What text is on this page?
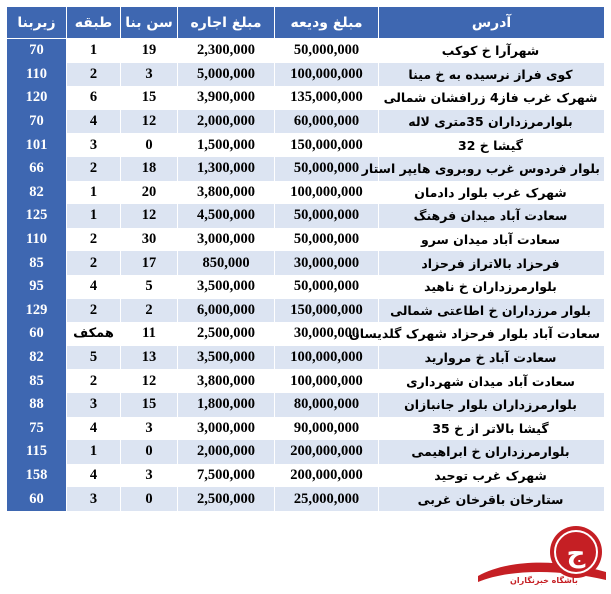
آدرس	مبلغ ودیعه	مبلغ اجاره	سن بنا	طبقه	زیربنا
شهرآرا خ کوکب	50,000,000	2,300,000	19	1	70
کوی فراز نرسیده به خ مینا	100,000,000	5,000,000	3	2	110
شهرک غرب فاز4 زرافشان شمالی	135,000,000	3,900,000	15	6	120
بلوارمرزداران 35متری لاله	60,000,000	2,000,000	12	4	70
گیشا خ 32	150,000,000	1,500,000	0	3	101
بلوار فردوس غرب روبروی هایپر استار	50,000,000	1,300,000	18	2	66
شهرک غرب بلوار دادمان	100,000,000	3,800,000	20	1	82
سعادت آباد میدان فرهنگ	50,000,000	4,500,000	12	1	125
سعادت آباد میدان سرو	50,000,000	3,000,000	30	2	110
فرحزاد بالاتراز فرحزاد	30,000,000	850,000	17	2	85
بلوارمرزداران خ ناهید	50,000,000	3,500,000	5	4	95
بلوار مرزداران خ اطاعتی شمالی	150,000,000	6,000,000	2	2	129
سعادت آباد بلوار فرحزاد شهرک گلدیسان	30,000,000	2,500,000	11	همکف	60
سعادت آباد خ مروارید	100,000,000	3,500,000	13	5	82
سعادت آباد میدان شهرداری	100,000,000	3,800,000	12	2	85
بلوارمرزداران بلوار جانبازان	80,000,000	1,800,000	15	3	88
گیشا بالاتر از خ 35	90,000,000	3,000,000	3	4	75
بلوارمرزداران خ ابراهیمی	200,000,000	2,000,000	0	1	115
شهرک غرب توحید	200,000,000	7,500,000	3	4	158
ستارخان باقرخان غربی	25,000,000	2,500,000	0	3	60
ج
باشگاه خبرنگاران
